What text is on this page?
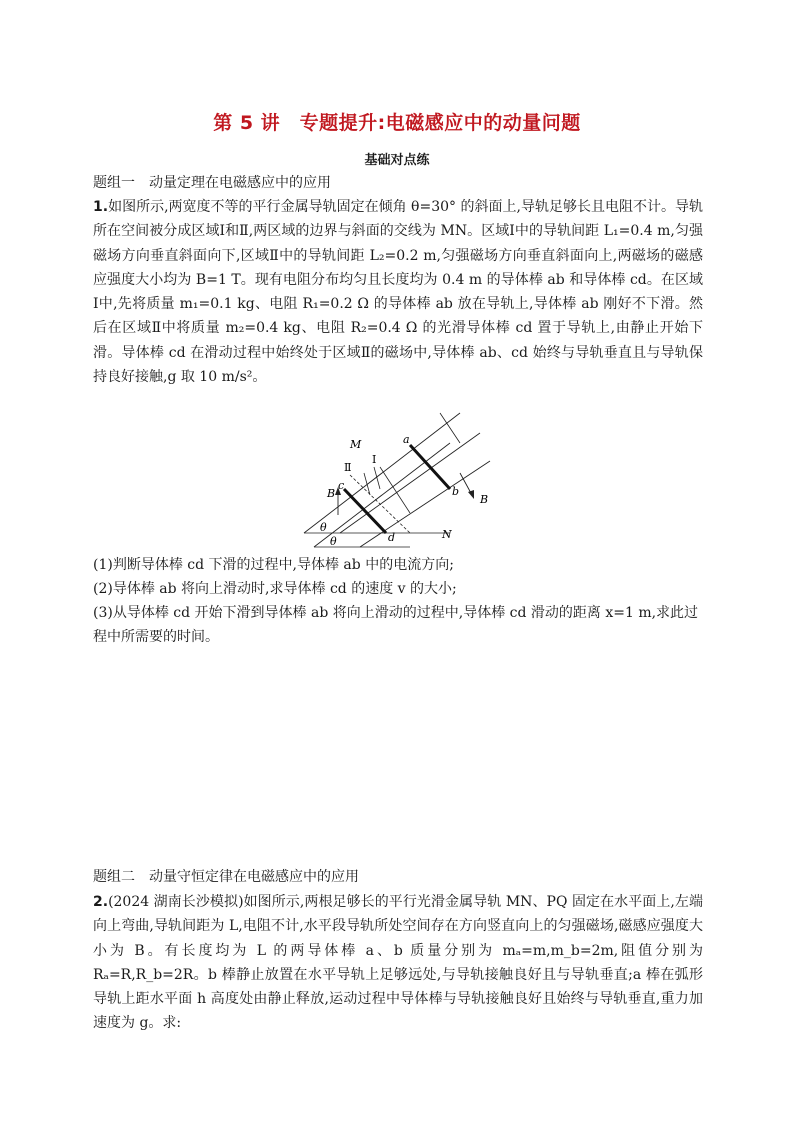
第 5 讲　专题提升:电磁感应中的动量问题
基础对点练
题组一　动量定理在电磁感应中的应用
1.如图所示,两宽度不等的平行金属导轨固定在倾角 θ=30° 的斜面上,导轨足够长且电阻不计。导轨所在空间被分成区域Ⅰ和Ⅱ,两区域的边界与斜面的交线为 MN。区域Ⅰ中的导轨间距 L₁=0.4 m,匀强磁场方向垂直斜面向下,区域Ⅱ中的导轨间距 L₂=0.2 m,匀强磁场方向垂直斜面向上,两磁场的磁感应强度大小均为 B=1 T。现有电阻分布均匀且长度均为 0.4 m 的导体棒 ab 和导体棒 cd。在区域Ⅰ中,先将质量 m₁=0.1 kg、电阻 R₁=0.2 Ω 的导体棒 ab 放在导轨上,导体棒 ab 刚好不下滑。然后在区域Ⅱ中将质量 m₂=0.4 kg、电阻 R₂=0.4 Ω 的光滑导体棒 cd 置于导轨上,由静止开始下滑。导体棒 cd 在滑动过程中始终处于区域Ⅱ的磁场中,导体棒 ab、cd 始终与导轨垂直且与导轨保持良好接触,g 取 10 m/s²。
M
N
Ⅰ
Ⅱ
a
b
c
d
B	B
θ
θ
(1)判断导体棒 cd 下滑的过程中,导体棒 ab 中的电流方向;
(2)导体棒 ab 将向上滑动时,求导体棒 cd 的速度 v 的大小;
(3)从导体棒 cd 开始下滑到导体棒 ab 将向上滑动的过程中,导体棒 cd 滑动的距离 x=1 m,求此过程中所需要的时间。
题组二　动量守恒定律在电磁感应中的应用
2.(2024 湖南长沙模拟)如图所示,两根足够长的平行光滑金属导轨 MN、PQ 固定在水平面上,左端向上弯曲,导轨间距为 L,电阻不计,水平段导轨所处空间存在方向竖直向上的匀强磁场,磁感应强度大小为 B。有长度均为 L 的两导体棒 a、b 质量分别为 mₐ=m,m_b=2m,阻值分别为 Rₐ=R,R_b=2R。b 棒静止放置在水平导轨上足够远处,与导轨接触良好且与导轨垂直;a 棒在弧形导轨上距水平面 h 高度处由静止释放,运动过程中导体棒与导轨接触良好且始终与导轨垂直,重力加速度为 g。求:
